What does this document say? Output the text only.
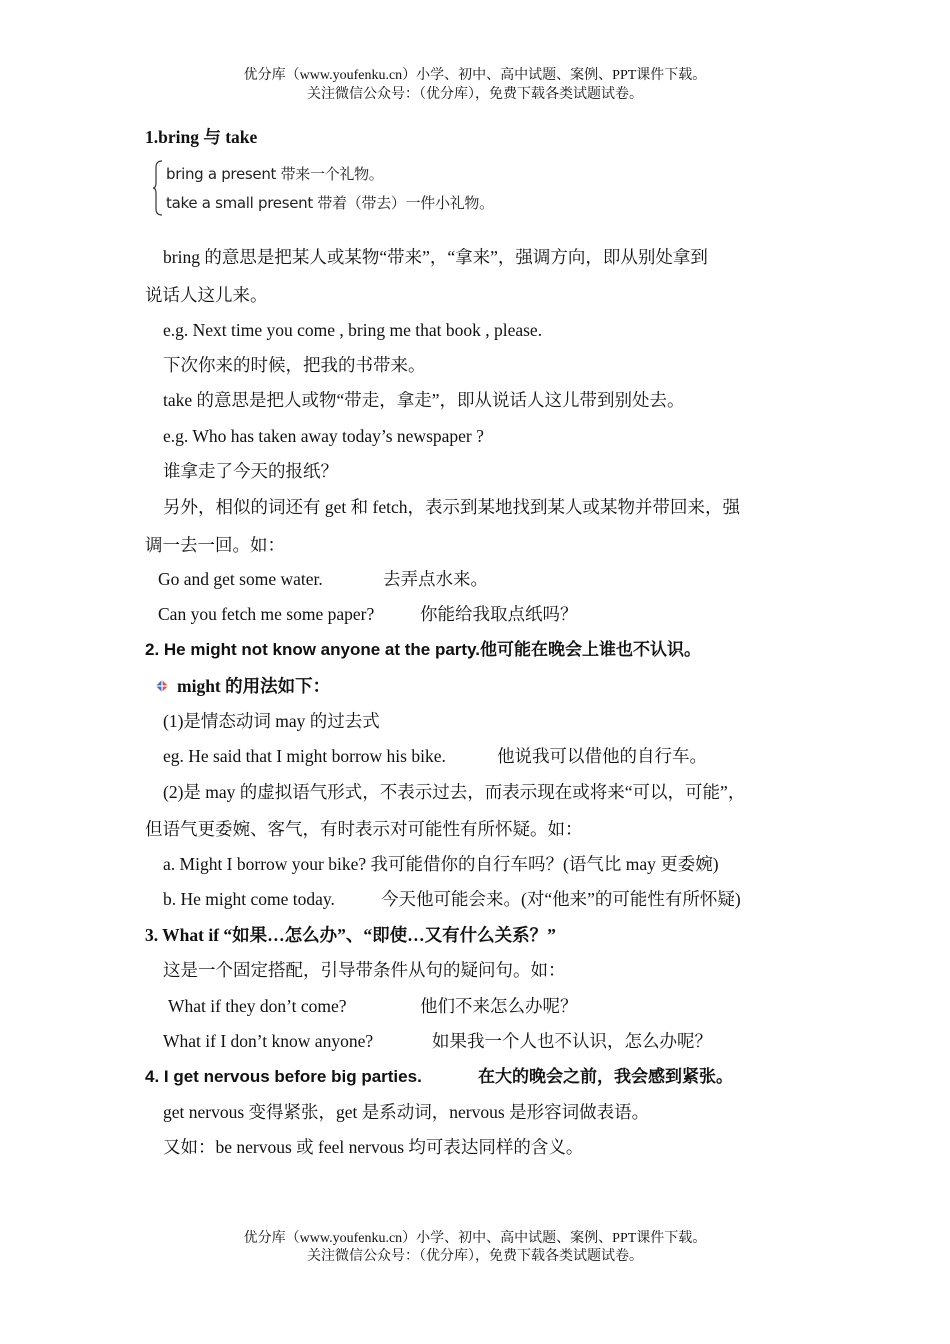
优分库（www.youfenku.cn）小学、初中、高中试题、案例、PPT课件下载。
关注微信公众号：（优分库），免费下载各类试题试卷。
1.bring 与 take
bring a present 带来一个礼物。
take a small present 带着（带去）一件小礼物。
bring 的意思是把某人或某物“带来”，“拿来”，强调方向，即从别处拿到
说话人这儿来。
e.g. Next time you come , bring me that book , please.
下次你来的时候，把我的书带来。
take 的意思是把人或物“带走，拿走”，即从说话人这儿带到别处去。
e.g. Who has taken away today’s newspaper ?
谁拿走了今天的报纸？
另外，相似的词还有 get 和 fetch，表示到某地找到某人或某物并带回来，强
调一去一回。如：
Go and get some water.	去弄点水来。
Can you fetch me some paper?	你能给我取点纸吗？
2. He might not know anyone at the party.他可能在晚会上谁也不认识。
might 的用法如下：
(1)是情态动词 may 的过去式
eg. He said that I might borrow his bike.	他说我可以借他的自行车。
(2)是 may 的虚拟语气形式，不表示过去，而表示现在或将来“可以，可能”，
但语气更委婉、客气，有时表示对可能性有所怀疑。如：
a. Might I borrow your bike? 我可能借你的自行车吗？(语气比 may 更委婉)
b. He might come today.	今天他可能会来。(对“他来”的可能性有所怀疑)
3. What if “如果…怎么办”、“即使…又有什么关系？”
这是一个固定搭配，引导带条件从句的疑问句。如：
What if they don’t come?	他们不来怎么办呢？
What if I don’t know anyone?	如果我一个人也不认识，怎么办呢？
4. I get nervous before big parties.	在大的晚会之前，我会感到紧张。
get nervous 变得紧张，get 是系动词，nervous 是形容词做表语。
又如：be nervous 或 feel nervous 均可表达同样的含义。
优分库（www.youfenku.cn）小学、初中、高中试题、案例、PPT课件下载。
关注微信公众号：（优分库），免费下载各类试题试卷。
